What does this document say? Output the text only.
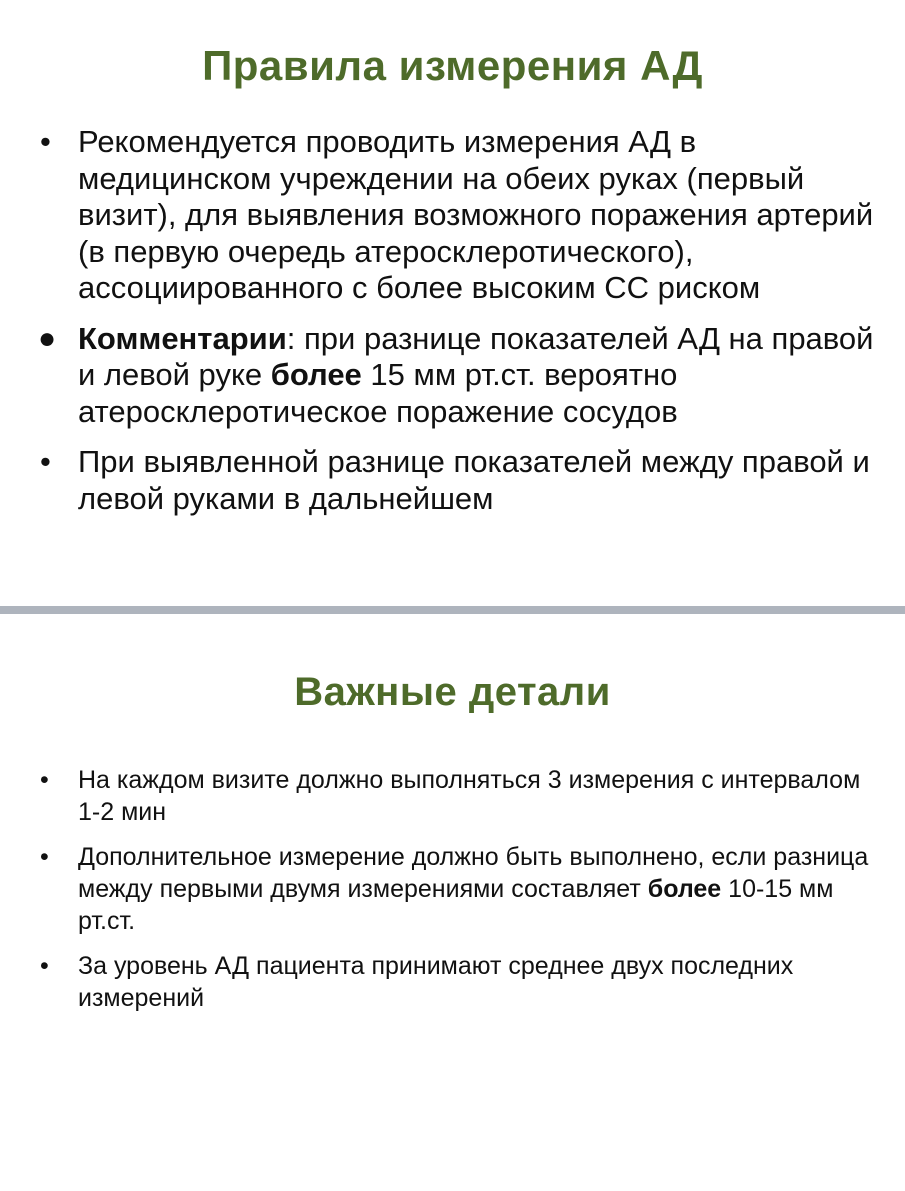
Правила измерения АД
• Рекомендуется проводить измерения АД в медицинском учреждении на обеих руках (первый визит), для выявления возможного поражения артерий (в первую очередь атеросклеротического), ассоциированного с более высоким СС риском
● Комментарии: при разнице показателей АД на правой и левой руке более 15 мм рт.ст. вероятно атеросклеротическое поражение сосудов
• При выявленной разнице показателей между правой и левой руками в дальнейшем
Важные детали
•	На каждом визите должно выполняться 3 измерения с интервалом 1-2 мин
•	Дополнительное измерение должно быть выполнено, если разница между первыми двумя измерениями составляет более 10-15 мм рт.ст.
•	За уровень АД пациента принимают среднее двух последних измерений
